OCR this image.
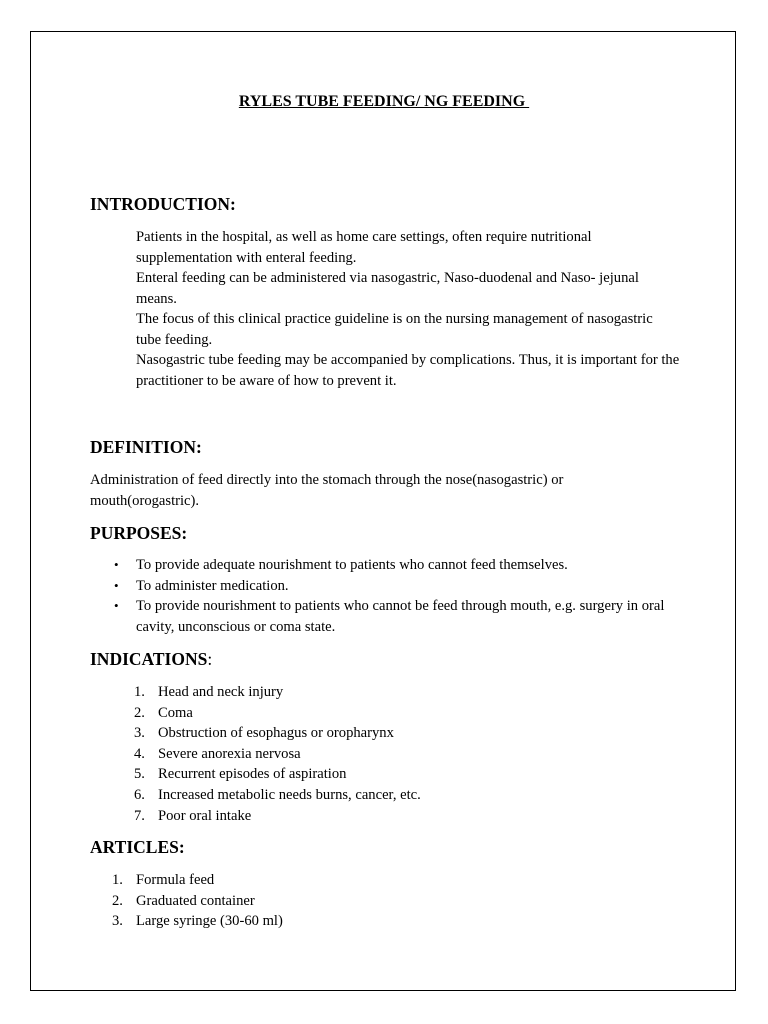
RYLES TUBE FEEDING/ NG FEEDING
INTRODUCTION:

Patients in the hospital, as well as home care settings, often require nutritional supplementation with enteral feeding.

Enteral feeding can be administered via nasogastric, Naso-duodenal and Naso- jejunal means.

The focus of this clinical practice guideline is on the nursing management of nasogastric tube feeding.

Nasogastric tube feeding may be accompanied by complications. Thus, it is important for the practitioner to be aware of how to prevent it.

DEFINITION:

Administration of feed directly into the stomach through the nose(nasogastric) or mouth(orogastric).

PURPOSES:
• To provide adequate nourishment to patients who cannot feed themselves.
• To administer medication.
• To provide nourishment to patients who cannot be feed through mouth, e.g. surgery in oral cavity, unconscious or coma state.
INDICATIONS:
1. Head and neck injury
2. Coma
3. Obstruction of esophagus or oropharynx
4. Severe anorexia nervosa
5. Recurrent episodes of aspiration
6. Increased metabolic needs burns, cancer, etc.
7. Poor oral intake
ARTICLES:
1. Formula feed
2. Graduated container
3. Large syringe (30-60 ml)
